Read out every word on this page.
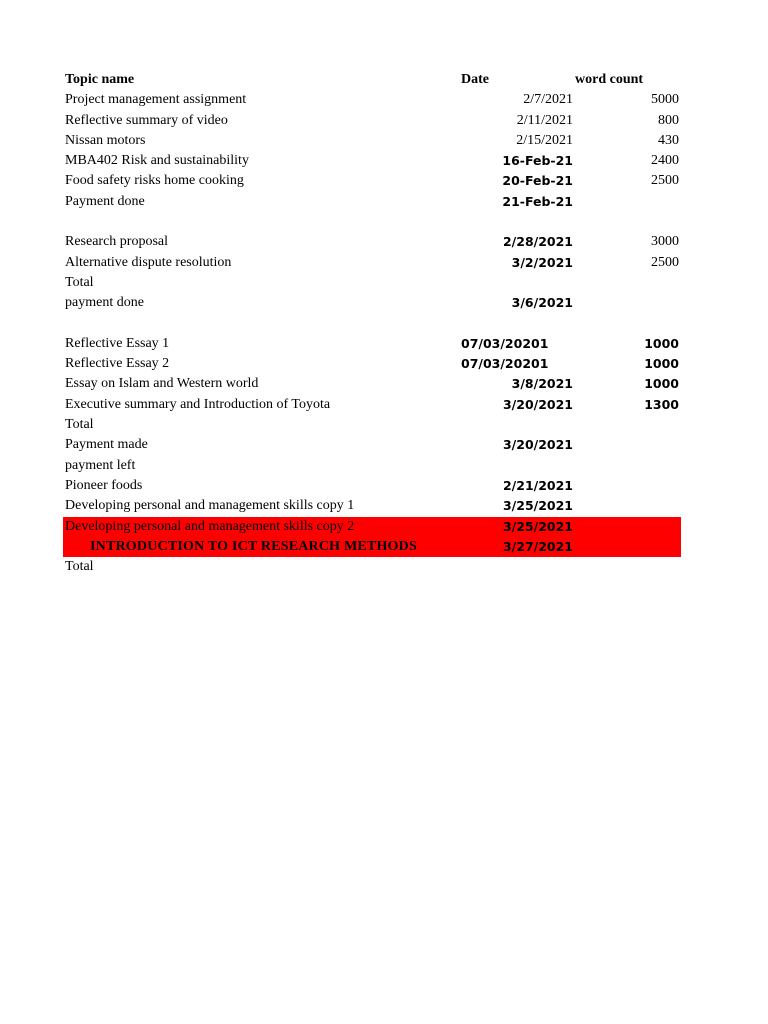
Topic name	Date	word count
Project management assignment	2/7/2021	5000
Reflective summary of video	2/11/2021	800
Nissan motors	2/15/2021	430
MBA402 Risk and sustainability	16-Feb-21	2400
Food safety risks home cooking	20-Feb-21	2500
Payment done	21-Feb-21
Research proposal	2/28/2021	3000
Alternative dispute resolution	3/2/2021	2500
Total
payment done	3/6/2021
Reflective Essay 1	07/03/20201	1000
Reflective Essay 2	07/03/20201	1000
Essay on Islam and Western world	3/8/2021	1000
Executive summary and Introduction of Toyota	3/20/2021	1300
Total
Payment made	3/20/2021
payment left
Pioneer foods	2/21/2021
Developing personal and management skills copy 1	3/25/2021
Developing personal and management skills copy 2	3/25/2021
INTRODUCTION TO ICT RESEARCH METHODS	3/27/2021
Total
